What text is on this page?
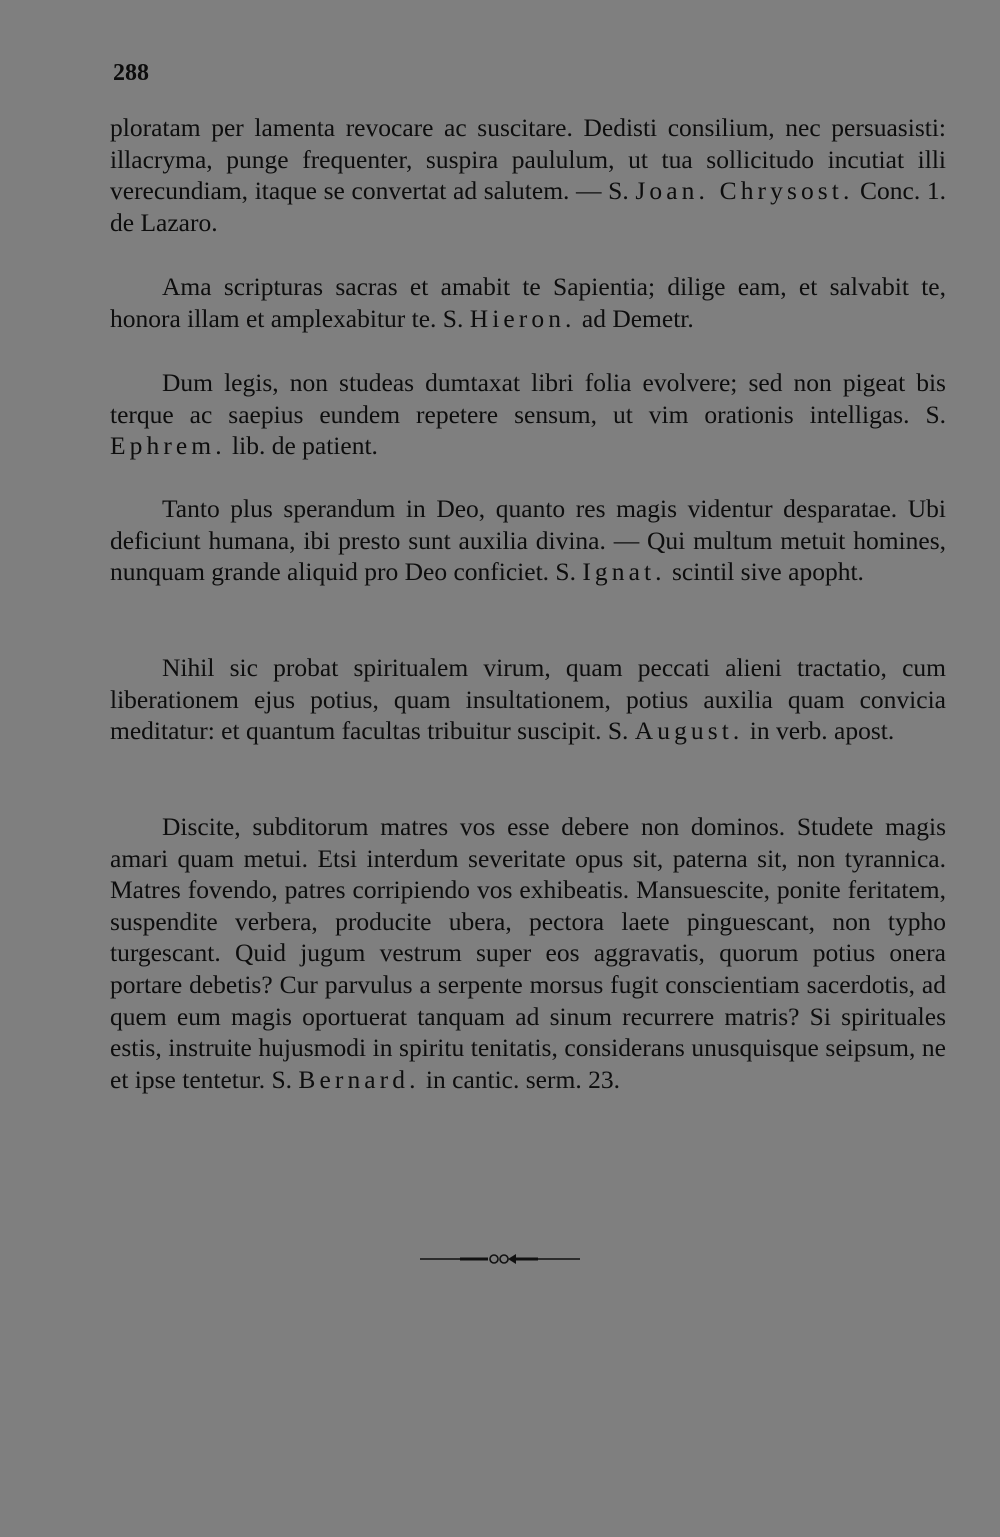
288

ploratam per lamenta revocare ac suscitare. Dedisti consilium, nec persuasisti: illacryma, punge frequenter, suspira paululum, ut tua sollicitudo incutiat illi verecundiam, itaque se convertat ad salutem. — S. Joan. Chrysost. Conc. 1. de Lazaro.

Ama scripturas sacras et amabit te Sapientia; dilige eam, et salvabit te, honora illam et amplexabitur te. S. Hieron. ad Demetr.

Dum legis, non studeas dumtaxat libri folia evolvere; sed non pigeat bis terque ac saepius eundem repetere sensum, ut vim orationis intelligas. S. Ephrem. lib. de patient.

Tanto plus sperandum in Deo, quanto res magis videntur desparatae. Ubi deficiunt humana, ibi presto sunt auxilia divina. — Qui multum metuit homines, nunquam grande aliquid pro Deo conficiet. S. Ignat. scintil sive apopht.

Nihil sic probat spiritualem virum, quam peccati alieni tractatio, cum liberationem ejus potius, quam insultationem, potius auxilia quam convicia meditatur: et quantum facultas tribuitur suscipit. S. August. in verb. apost.

Discite, subditorum matres vos esse debere non dominos. Studete magis amari quam metui. Etsi interdum severitate opus sit, paterna sit, non tyrannica. Matres fovendo, patres corripiendo vos exhibeatis. Mansuescite, ponite feritatem, suspendite verbera, producite ubera, pectora laete pinguescant, non typho turgescant. Quid jugum vestrum super eos aggravatis, quorum potius onera portare debetis? Cur parvulus a serpente morsus fugit conscientiam sacerdotis, ad quem eum magis oportuerat tanquam ad sinum recurrere matris? Si spirituales estis, instruite hujusmodi in spiritu tenitatis, considerans unusquisque seipsum, ne et ipse tentetur. S. Bernard. in cantic. serm. 23.
